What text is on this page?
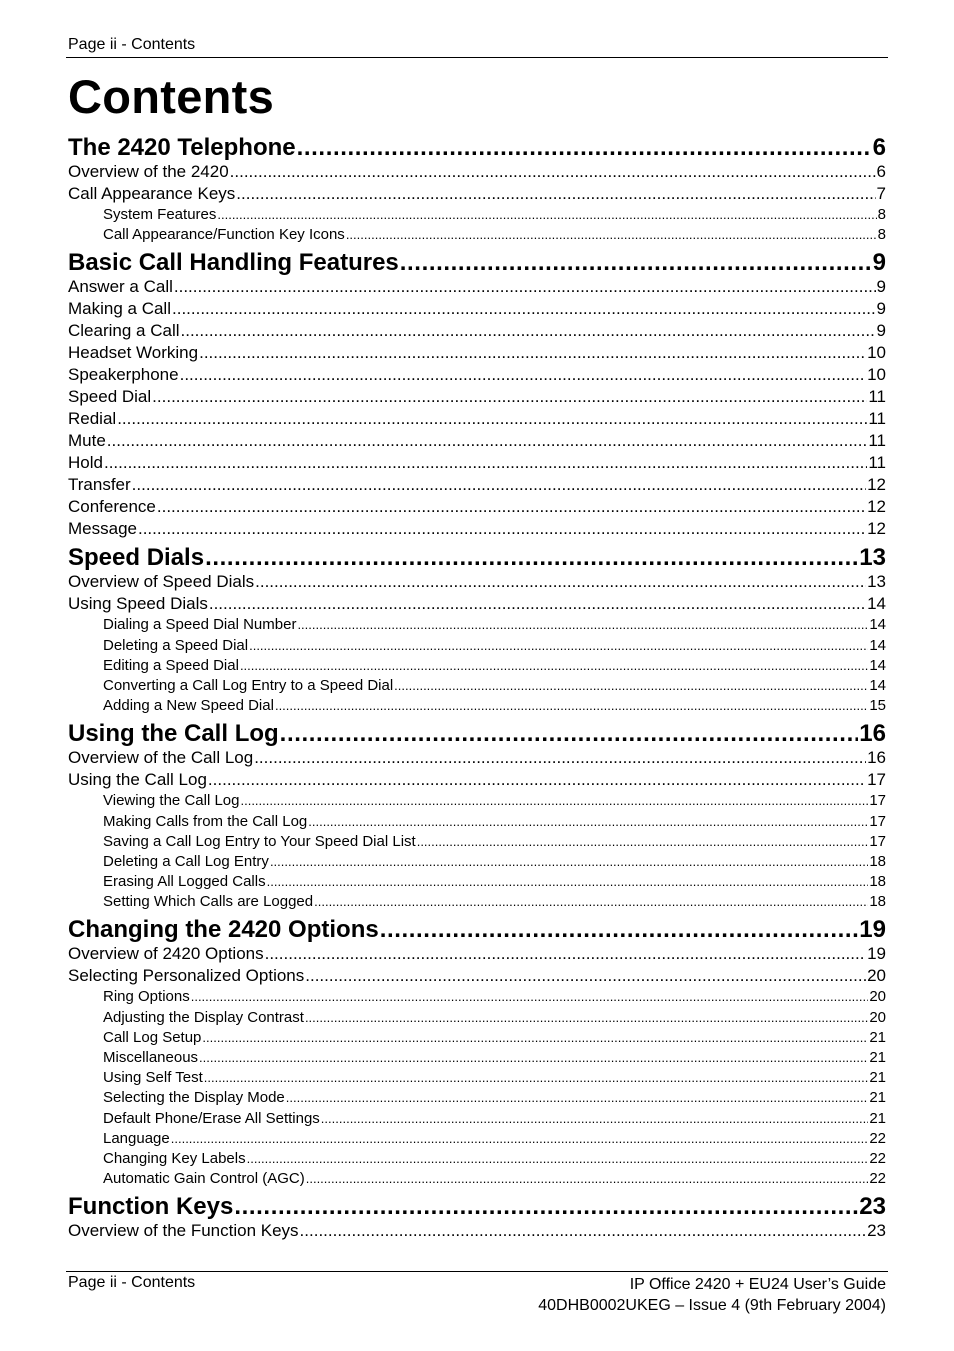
Page ii - Contents
Contents
The 2420 Telephone .....	6
Overview of the 2420 .....	6
Call Appearance Keys .....	7
System Features .....	8
Call Appearance/Function Key Icons .....	8
Basic Call Handling Features .....	9
Answer a Call .....	9
Making a Call .....	9
Clearing a Call .....	9
Headset Working .....	10
Speakerphone .....	10
Speed Dial .....	11
Redial .....	11
Mute .....	11
Hold .....	11
Transfer .....	12
Conference .....	12
Message .....	12
Speed Dials .....	13
Overview of Speed Dials .....	13
Using Speed Dials .....	14
Dialing a Speed Dial Number .....	14
Deleting a Speed Dial .....	14
Editing a Speed Dial .....	14
Converting a Call Log Entry to a Speed Dial .....	14
Adding a New Speed Dial .....	15
Using the Call Log .....	16
Overview of the Call Log .....	16
Using the Call Log .....	17
Viewing the Call Log .....	17
Making Calls from the Call Log .....	17
Saving a Call Log Entry to Your Speed Dial List .....	17
Deleting a Call Log Entry .....	18
Erasing All Logged Calls .....	18
Setting Which Calls are Logged .....	18
Changing the 2420 Options .....	19
Overview of 2420 Options .....	19
Selecting Personalized Options .....	20
Ring Options .....	20
Adjusting the Display Contrast .....	20
Call Log Setup .....	21
Miscellaneous .....	21
Using Self Test .....	21
Selecting the Display Mode .....	21
Default Phone/Erase All Settings .....	21
Language .....	22
Changing Key Labels .....	22
Automatic Gain Control (AGC) .....	22
Function Keys .....	23
Overview of the Function Keys .....	23
Page ii - Contents	IP Office 2420 + EU24 User’s Guide
40DHB0002UKEG – Issue 4 (9th February 2004)
